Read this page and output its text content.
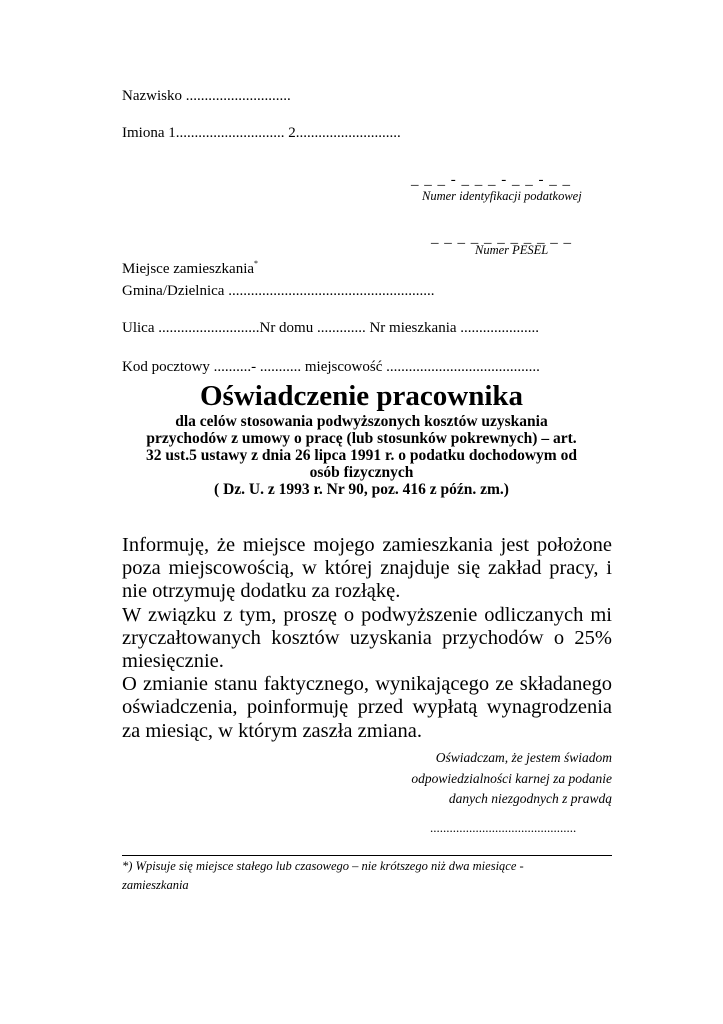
Nazwisko ............................
Imiona 1............................. 2............................
_ _ _ - _ _ _ - _ _ - _ _
Numer identyfikacji podatkowej
_ _ _ _ _ _ _ _ _ _ _
Numer PESEL
Miejsce zamieszkania*
Gmina/Dzielnica .......................................................
Ulica ...........................Nr domu ............. Nr mieszkania .....................
Kod pocztowy ..........- ........... miejscowość .........................................
Oświadczenie pracownika
dla celów stosowania podwyższonych kosztów uzyskania
przychodów z umowy o pracę (lub stosunków pokrewnych) – art.
32 ust.5 ustawy z dnia 26 lipca 1991 r. o podatku dochodowym od
osób fizycznych
( Dz. U. z 1993 r. Nr 90, poz. 416 z późn. zm.)
Informuję, że miejsce mojego zamieszkania jest położone
poza miejscowością, w której znajduje się zakład pracy, i
nie otrzymuję dodatku za rozłąkę.
W związku z tym, proszę o podwyższenie odliczanych mi
zryczałtowanych kosztów uzyskania przychodów o 25%
miesięcznie.
O zmianie stanu faktycznego, wynikającego ze składanego
oświadczenia, poinformuję przed wypłatą wynagrodzenia
za miesiąc, w którym zaszła zmiana.
Oświadczam, że jestem świadom
odpowiedzialności karnej za podanie
danych niezgodnych z prawdą
.............................................
*) Wpisuje się miejsce stałego lub czasowego – nie krótszego niż dwa miesiące -
zamieszkania
